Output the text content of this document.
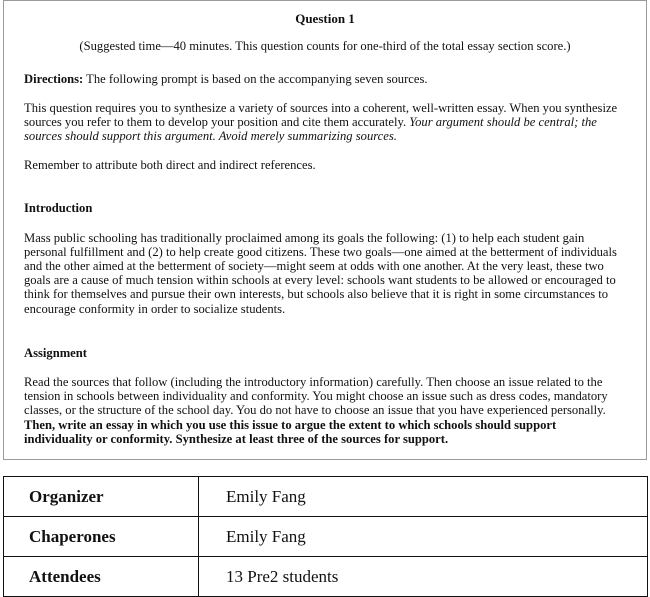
Question 1
(Suggested time—40 minutes. This question counts for one-third of the total essay section score.)
Directions: The following prompt is based on the accompanying seven sources.
This question requires you to synthesize a variety of sources into a coherent, well-written essay. When you synthesize sources you refer to them to develop your position and cite them accurately. Your argument should be central; the sources should support this argument. Avoid merely summarizing sources.
Remember to attribute both direct and indirect references.
Introduction
Mass public schooling has traditionally proclaimed among its goals the following: (1) to help each student gain personal fulfillment and (2) to help create good citizens. These two goals—one aimed at the betterment of individuals and the other aimed at the betterment of society—might seem at odds with one another. At the very least, these two goals are a cause of much tension within schools at every level: schools want students to be allowed or encouraged to think for themselves and pursue their own interests, but schools also believe that it is right in some circumstances to encourage conformity in order to socialize students.
Assignment
Read the sources that follow (including the introductory information) carefully. Then choose an issue related to the tension in schools between individuality and conformity. You might choose an issue such as dress codes, mandatory classes, or the structure of the school day. You do not have to choose an issue that you have experienced personally. Then, write an essay in which you use this issue to argue the extent to which schools should support individuality or conformity. Synthesize at least three of the sources for support.
Organizer	Emily Fang
Chaperones	Emily Fang
Attendees	13 Pre2 students
